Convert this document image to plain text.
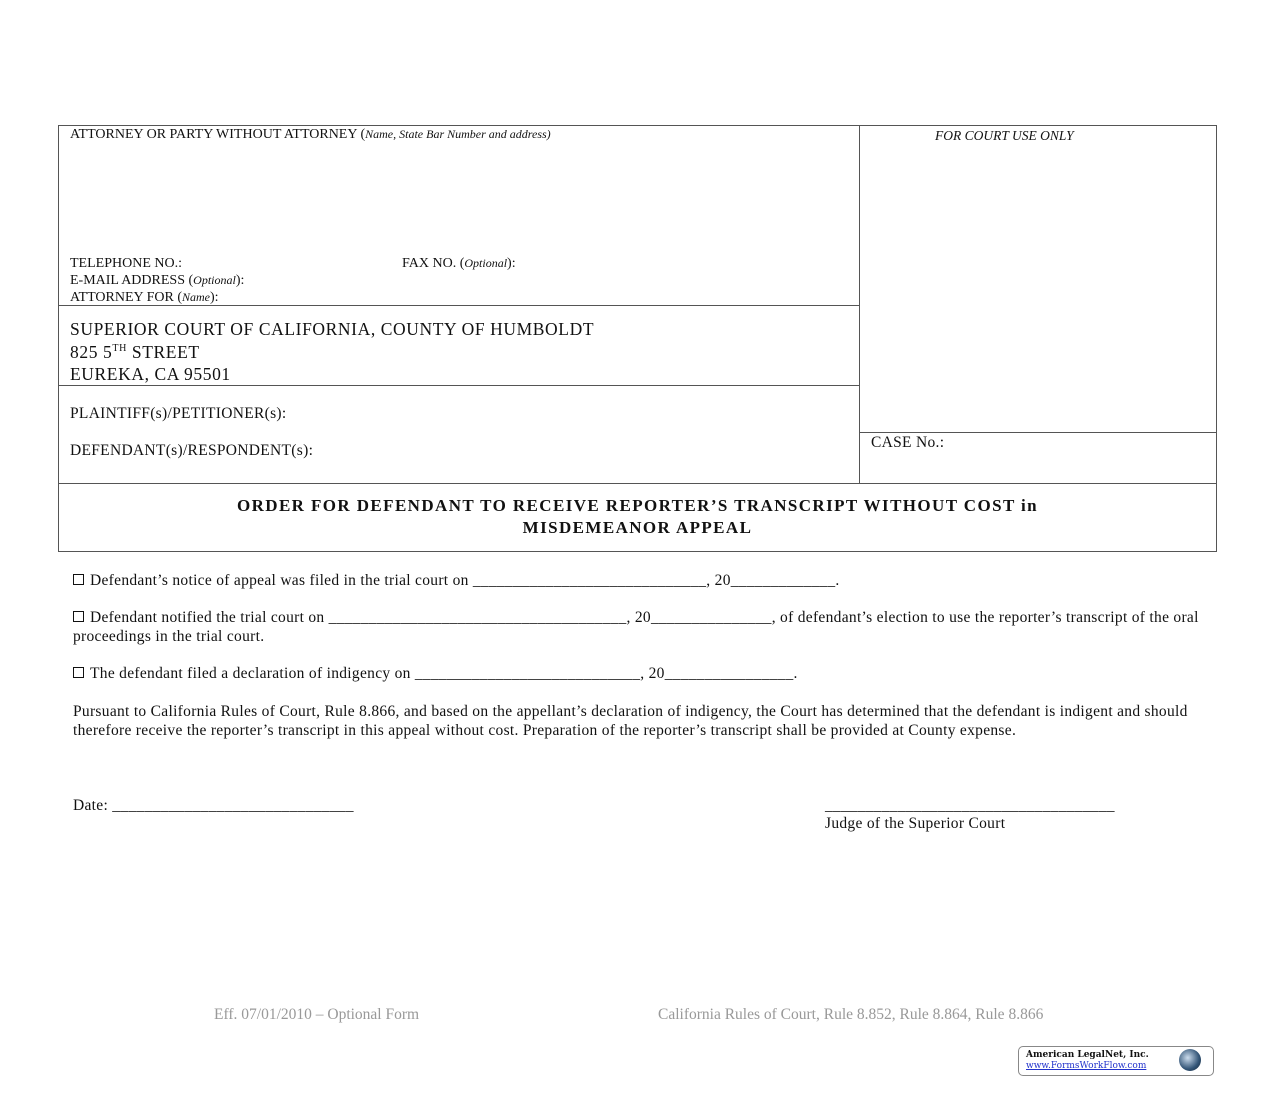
ATTORNEY OR PARTY WITHOUT ATTORNEY (Name, State Bar Number and address)	FOR COURT USE ONLY
TELEPHONE NO.:	FAX NO. (Optional):
E-MAIL ADDRESS (Optional):
ATTORNEY FOR (Name):
SUPERIOR COURT OF CALIFORNIA, COUNTY OF HUMBOLDT
825 5TH STREET
EUREKA, CA 95501
PLAINTIFF(s)/PETITIONER(s):
DEFENDANT(s)/RESPONDENT(s):	CASE No.:
ORDER FOR DEFENDANT TO RECEIVE REPORTER’S TRANSCRIPT WITHOUT COST in
MISDEMEANOR APPEAL
Defendant’s notice of appeal was filed in the trial court on _____________________________, 20_____________.
Defendant notified the trial court on _____________________________________, 20_______________, of defendant’s election to use the reporter’s transcript of the oral proceedings in the trial court.
The defendant filed a declaration of indigency on ____________________________, 20________________.
Pursuant to California Rules of Court, Rule 8.866, and based on the appellant’s declaration of indigency, the Court has determined that the defendant is indigent and should therefore receive the reporter’s transcript in this appeal without cost. Preparation of the reporter’s transcript shall be provided at County expense.
Date: ______________________________	____________________________________
Judge of the Superior Court
Eff. 07/01/2010 – Optional Form	California Rules of Court, Rule 8.852, Rule 8.864, Rule 8.866
American LegalNet, Inc.
www.FormsWorkFlow.com
